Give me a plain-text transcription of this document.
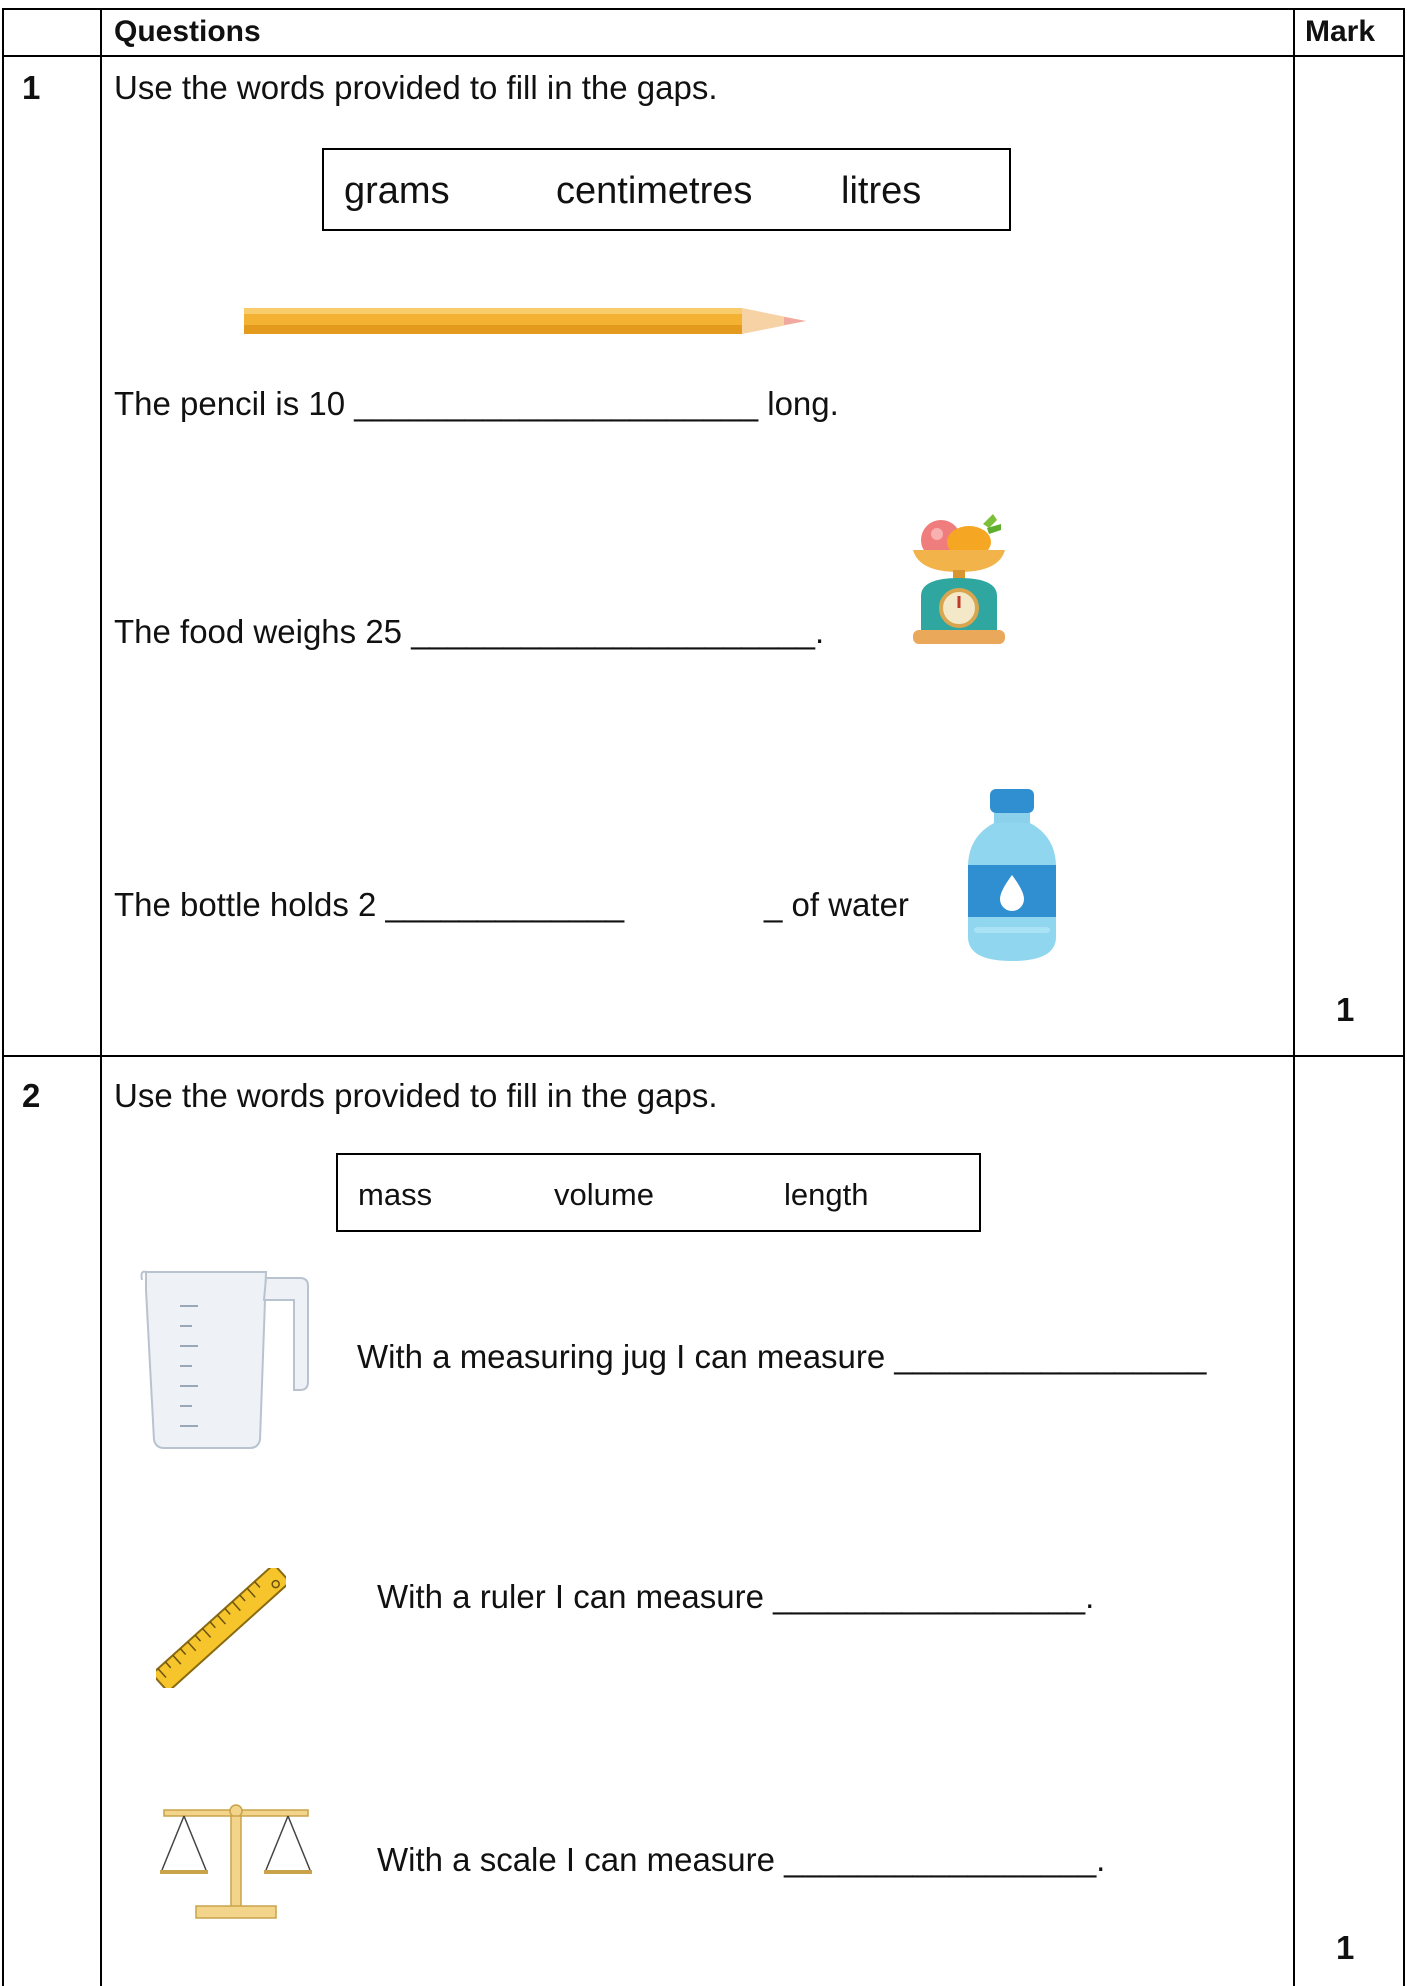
Questions	Mark
1 Use the words provided to fill in the gaps.
grams	centimetres litres
The pencil is 10 ______________________ long.
The food weighs 25 ______________________.
The bottle holds 2 _____________	_ of water
1
2 Use the words provided to fill in the gaps.
mass	volume	length
With a measuring jug I can measure _________________
With a ruler I can measure _________________.
With a scale I can measure _________________.
1
